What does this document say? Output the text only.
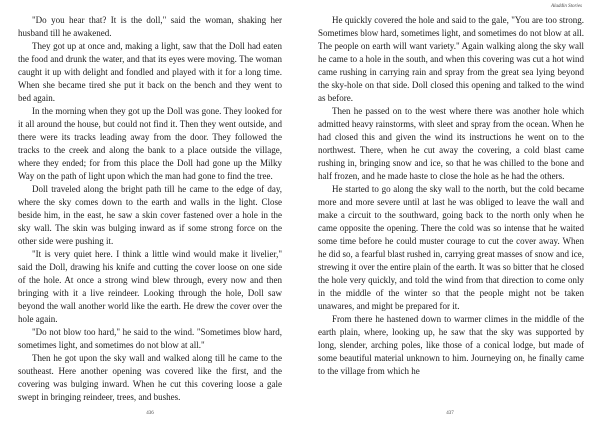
"Do you hear that? It is the doll," said the woman, shaking her husband till he awakened.

They got up at once and, making a light, saw that the Doll had eaten the food and drunk the water, and that its eyes were moving. The woman caught it up with delight and fondled and played with it for a long time. When she became tired she put it back on the bench and they went to bed again.

In the morning when they got up the Doll was gone. They looked for it all around the house, but could not find it. Then they went outside, and there were its tracks leading away from the door. They followed the tracks to the creek and along the bank to a place outside the village, where they ended; for from this place the Doll had gone up the Milky Way on the path of light upon which the man had gone to find the tree.

Doll traveled along the bright path till he came to the edge of day, where the sky comes down to the earth and walls in the light. Close beside him, in the east, he saw a skin cover fastened over a hole in the sky wall. The skin was bulging inward as if some strong force on the other side were pushing it.

"It is very quiet here. I think a little wind would make it livelier," said the Doll, drawing his knife and cutting the cover loose on one side of the hole. At once a strong wind blew through, every now and then bringing with it a live reindeer. Looking through the hole, Doll saw beyond the wall another world like the earth. He drew the cover over the hole again.

"Do not blow too hard," he said to the wind. "Sometimes blow hard, sometimes light, and sometimes do not blow at all."

Then he got upon the sky wall and walked along till he came to the southeast. Here another opening was covered like the first, and the covering was bulging inward. When he cut this covering loose a gale swept in bringing reindeer, trees, and bushes.

436
Aladdin Stories

He quickly covered the hole and said to the gale, "You are too strong. Sometimes blow hard, sometimes light, and sometimes do not blow at all. The people on earth will want variety." Again walking along the sky wall he came to a hole in the south, and when this covering was cut a hot wind came rushing in carrying rain and spray from the great sea lying beyond the sky-hole on that side. Doll closed this opening and talked to the wind as before.

Then he passed on to the west where there was another hole which admitted heavy rainstorms, with sleet and spray from the ocean. When he had closed this and given the wind its instructions he went on to the northwest. There, when he cut away the covering, a cold blast came rushing in, bringing snow and ice, so that he was chilled to the bone and half frozen, and he made haste to close the hole as he had the others.

He started to go along the sky wall to the north, but the cold became more and more severe until at last he was obliged to leave the wall and make a circuit to the southward, going back to the north only when he came opposite the opening. There the cold was so intense that he waited some time before he could muster courage to cut the cover away. When he did so, a fearful blast rushed in, carrying great masses of snow and ice, strewing it over the entire plain of the earth. It was so bitter that he closed the hole very quickly, and told the wind from that direction to come only in the middle of the winter so that the people might not be taken unawares, and might be prepared for it.

From there he hastened down to warmer climes in the middle of the earth plain, where, looking up, he saw that the sky was supported by long, slender, arching poles, like those of a conical lodge, but made of some beautiful material unknown to him. Journeying on, he finally came to the village from which he

437
